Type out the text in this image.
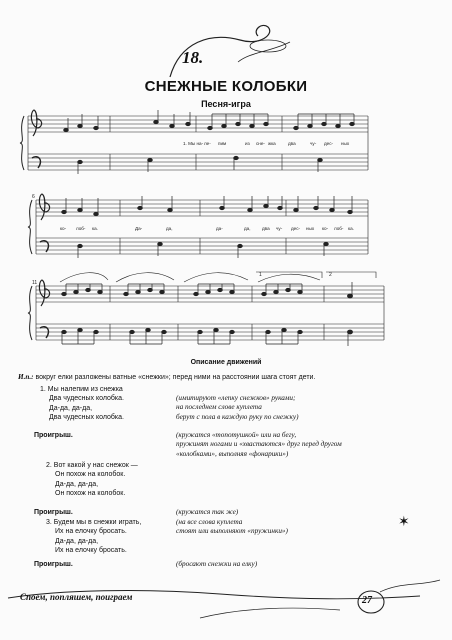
18.
СНЕЖНЫЕ КОЛОБКИ
Песня-игра
6
11
1	2
1. Мы на- ле- пим	из сне- жка	два	чу- дес- ных
ко- лоб- ка.	Да-	да,	да-	да, два чу- дес- ных ко- лоб- ка.
Описание движений
И.п.: вокруг елки разложены ватные «снежки»; перед ними на расстоянии шага стоят дети.
1. Мы налепим из снежка
Два чудесных колобка.
Да-да, да-да,
Два чудесных колобка.
(имитируют «лепку снежков» руками;
на последнем слове куплета
берут с пола в каждую руку по снежку)
Проигрыш.	(кружатся «топотушкой» или на бегу,
пружинят ногами и «хвастаются» друг перед другом
«колобками», выполняя «фонарики»)
2. Вот какой у нас снежок —
Он похож на колобок.
Да-да, да-да,
Он похож на колобок.
Проигрыш.	(кружатся так же)
3. Будем мы в снежки играть,
Их на елочку бросать.
Да-да, да-да,
Их на елочку бросать.
(на все слова куплета
стоят или выполняют «пружинки»)
Проигрыш.	(бросают снежки на елку)
✶
Споем, попляшем, поиграем	27
